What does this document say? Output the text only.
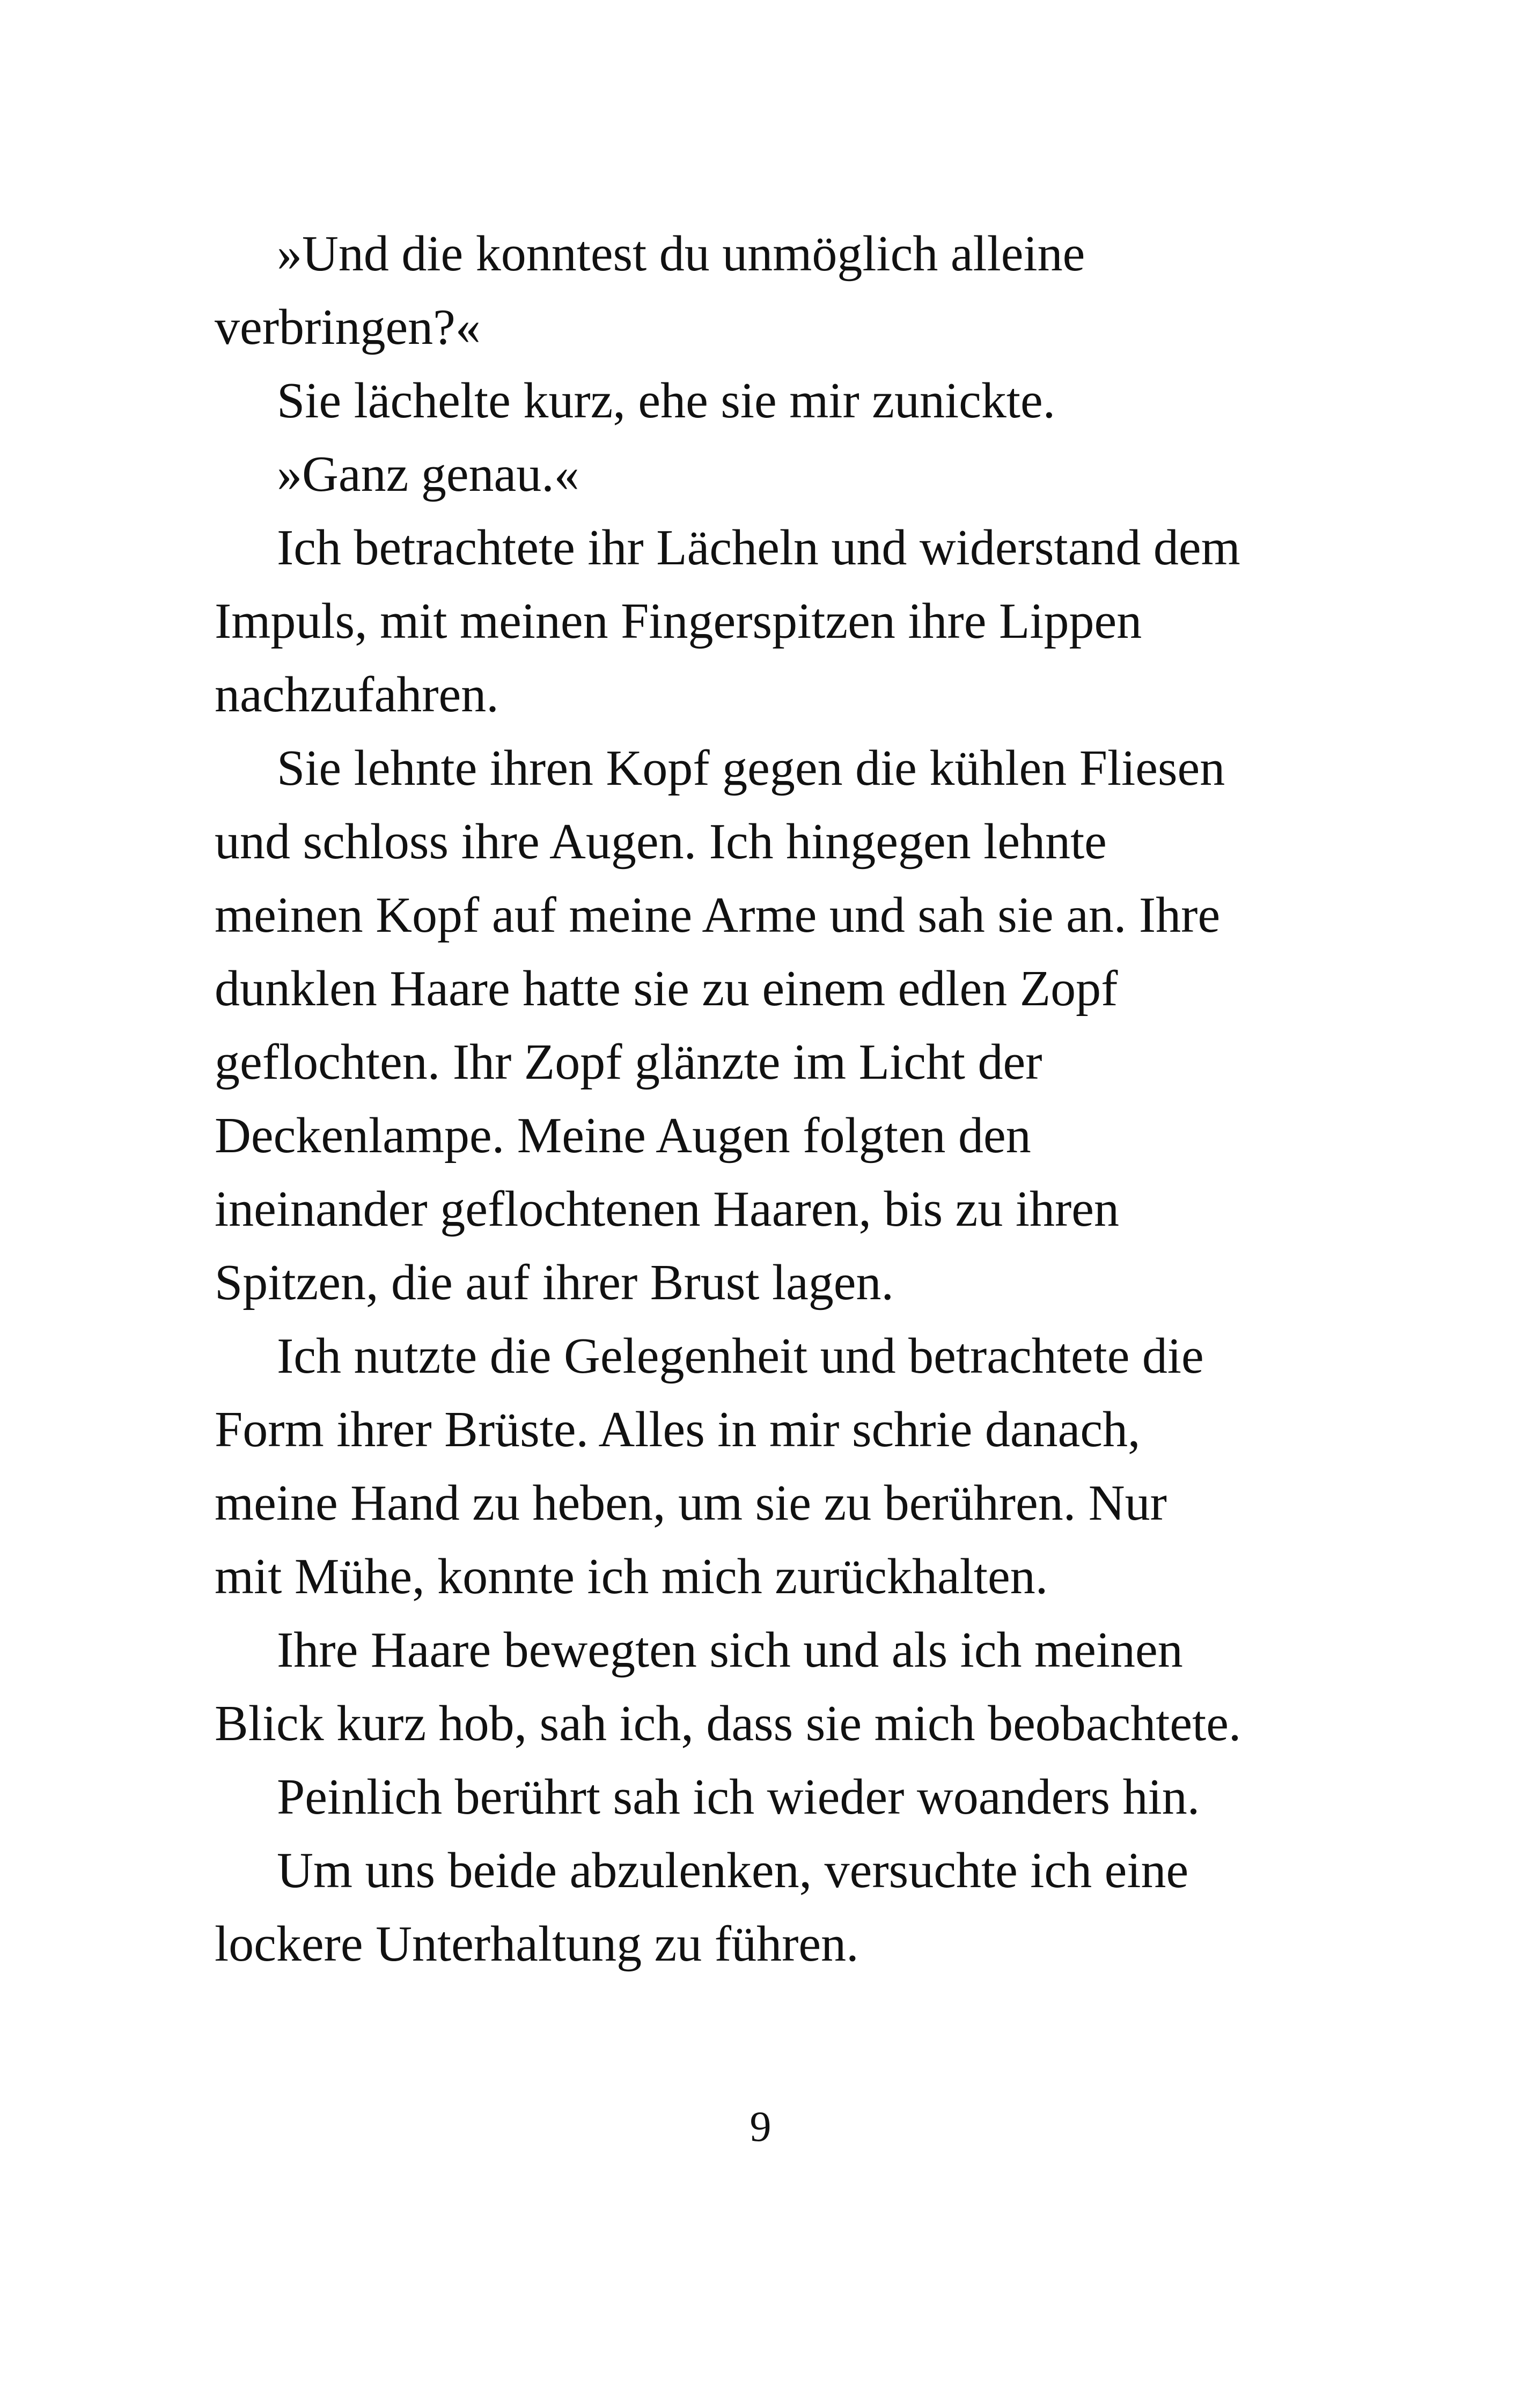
»Und die konntest du unmöglich alleine
verbringen?«
Sie lächelte kurz, ehe sie mir zunickte.
»Ganz genau.«
Ich betrachtete ihr Lächeln und widerstand dem
Impuls, mit meinen Fingerspitzen ihre Lippen
nachzufahren.
Sie lehnte ihren Kopf gegen die kühlen Fliesen
und schloss ihre Augen. Ich hingegen lehnte
meinen Kopf auf meine Arme und sah sie an. Ihre
dunklen Haare hatte sie zu einem edlen Zopf
geflochten. Ihr Zopf glänzte im Licht der
Deckenlampe. Meine Augen folgten den
ineinander geflochtenen Haaren, bis zu ihren
Spitzen, die auf ihrer Brust lagen.
Ich nutzte die Gelegenheit und betrachtete die
Form ihrer Brüste. Alles in mir schrie danach,
meine Hand zu heben, um sie zu berühren. Nur
mit Mühe, konnte ich mich zurückhalten.
Ihre Haare bewegten sich und als ich meinen
Blick kurz hob, sah ich, dass sie mich beobachtete.
Peinlich berührt sah ich wieder woanders hin.
Um uns beide abzulenken, versuchte ich eine
lockere Unterhaltung zu führen.
9
